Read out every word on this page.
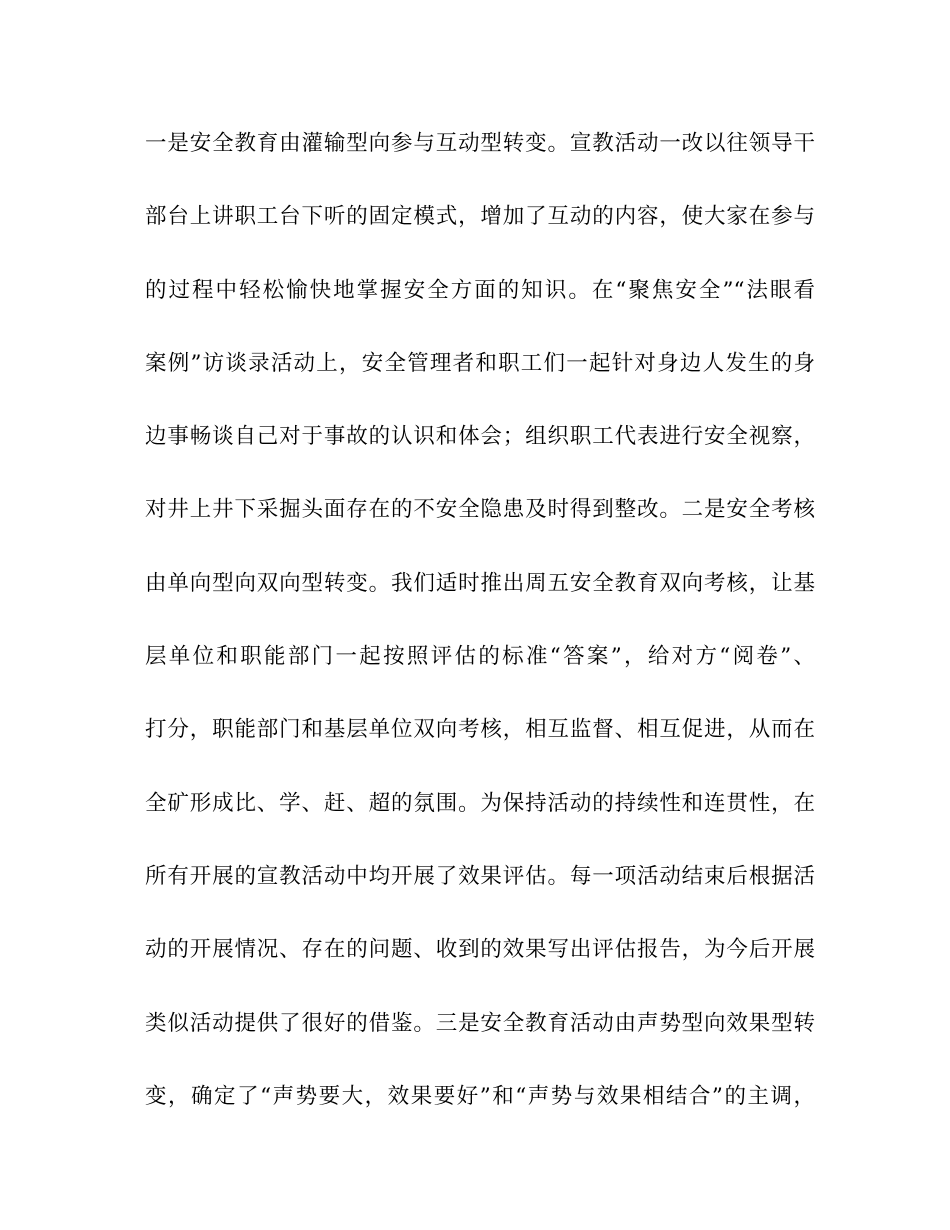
一是安全教育由灌输型向参与互动型转变。宣教活动一改以往领导干
部台上讲职工台下听的固定模式，增加了互动的内容，使大家在参与
的过程中轻松愉快地掌握安全方面的知识。在“聚焦安全”“法眼看
案例”访谈录活动上，安全管理者和职工们一起针对身边人发生的身
边事畅谈自己对于事故的认识和体会；组织职工代表进行安全视察，
对井上井下采掘头面存在的不安全隐患及时得到整改。二是安全考核
由单向型向双向型转变。我们适时推出周五安全教育双向考核，让基
层单位和职能部门一起按照评估的标准“答案”，给对方“阅卷”、
打分，职能部门和基层单位双向考核，相互监督、相互促进，从而在
全矿形成比、学、赶、超的氛围。为保持活动的持续性和连贯性，在
所有开展的宣教活动中均开展了效果评估。每一项活动结束后根据活
动的开展情况、存在的问题、收到的效果写出评估报告，为今后开展
类似活动提供了很好的借鉴。三是安全教育活动由声势型向效果型转
变，确定了“声势要大，效果要好”和“声势与效果相结合”的主调，
